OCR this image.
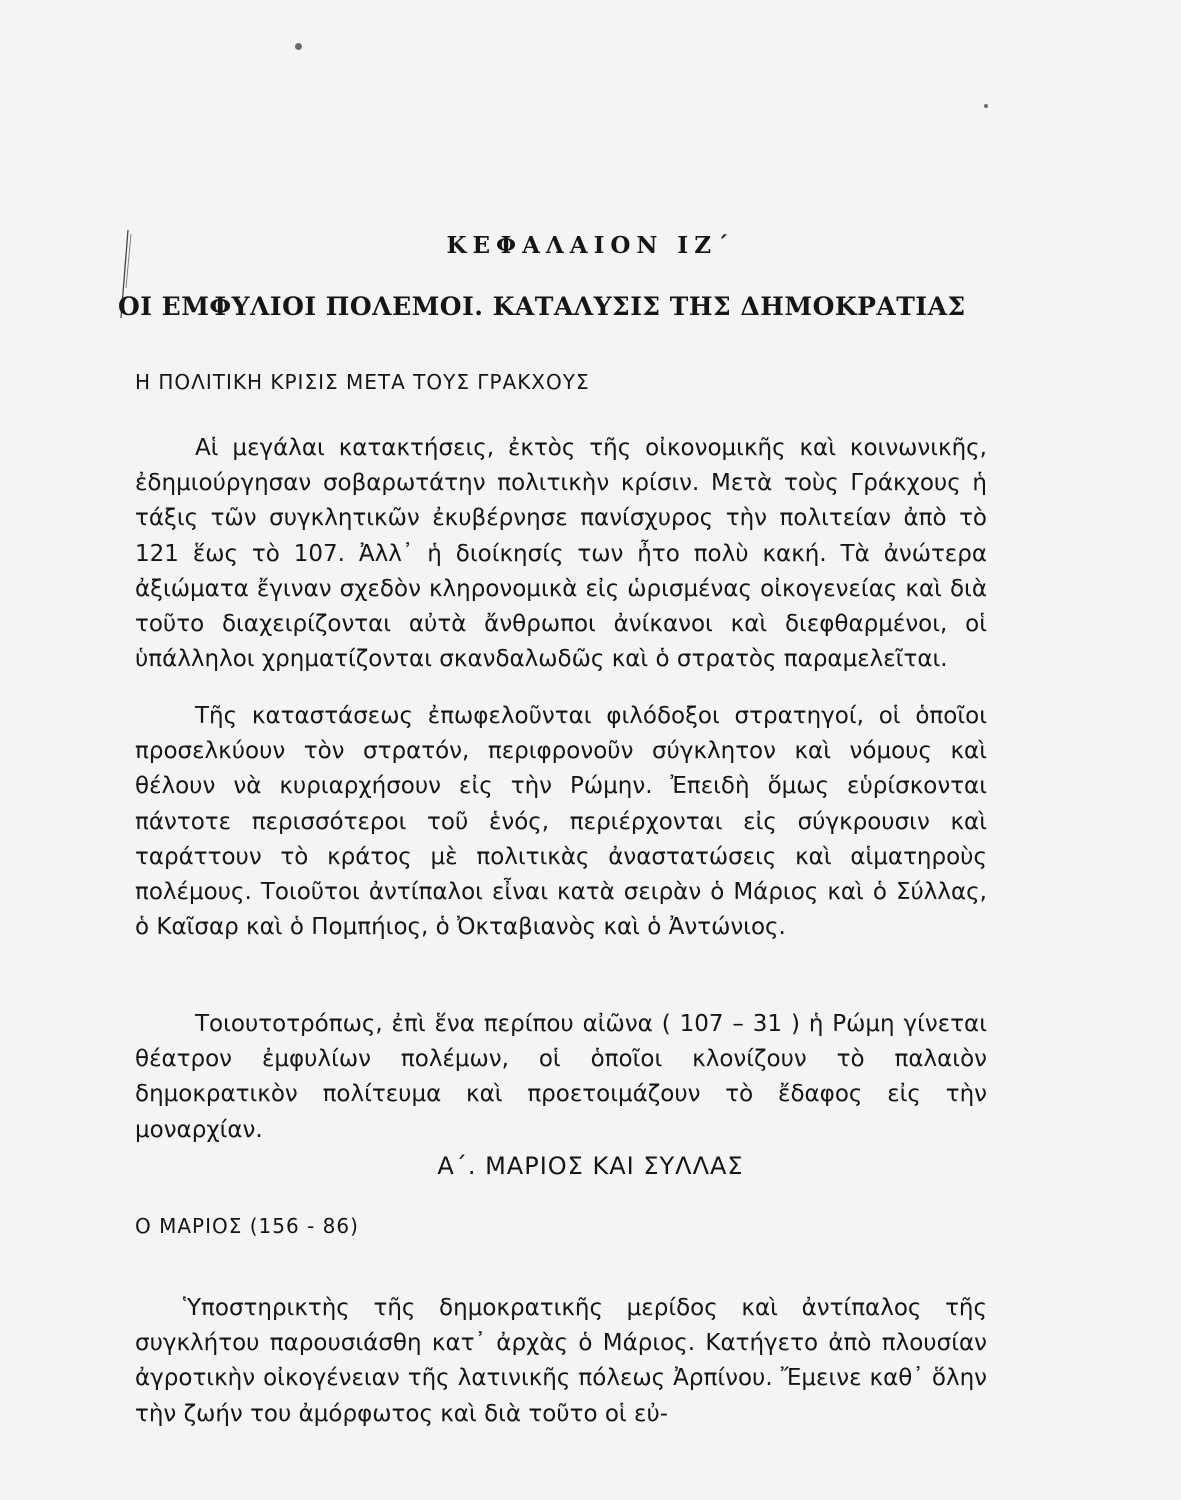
ΚΕΦΑΛΑΙΟΝ ΙΖ΄
ΟΙ ΕΜΦΥΛΙΟΙ ΠΟΛΕΜΟΙ. ΚΑΤΑΛΥΣΙΣ ΤΗΣ ΔΗΜΟΚΡΑΤΙΑΣ
Η ΠΟΛΙΤΙΚΗ ΚΡΙΣΙΣ ΜΕΤΑ ΤΟΥΣ ΓΡΑΚΧΟΥΣ

Αἱ μεγάλαι κατακτήσεις, ἐκτὸς τῆς οἰκονομικῆς καὶ κοινωνικῆς, ἐδημιούργησαν σοβαρωτάτην πολιτικὴν κρίσιν. Μετὰ τοὺς Γράκχους ἡ τάξις τῶν συγκλητικῶν ἐκυβέρνησε πανίσχυρος τὴν πολιτείαν ἀπὸ τὸ 121 ἕως τὸ 107. Ἀλλ᾽ ἡ διοίκησίς των ἦτο πολὺ κακή. Τὰ ἀνώτερα ἀξιώματα ἔγιναν σχεδὸν κληρονομικὰ εἰς ὡρισμένας οἰκογενείας καὶ διὰ τοῦτο διαχειρίζονται αὐτὰ ἄνθρωποι ἀνίκανοι καὶ διεφθαρμένοι, οἱ ὑπάλληλοι χρηματίζονται σκανδαλωδῶς καὶ ὁ στρατὸς παραμελεῖται.

Τῆς καταστάσεως ἐπωφελοῦνται φιλόδοξοι στρατηγοί, οἱ ὁποῖοι προσελκύουν τὸν στρατόν, περιφρονοῦν σύγκλητον καὶ νόμους καὶ θέλουν νὰ κυριαρχήσουν εἰς τὴν Ρώμην. Ἐπειδὴ ὅμως εὑρίσκονται πάντοτε περισσότεροι τοῦ ἑνός, περιέρχονται εἰς σύγκρουσιν καὶ ταράττουν τὸ κράτος μὲ πολιτικὰς ἀναστατώσεις καὶ αἱματηροὺς πολέμους. Τοιοῦτοι ἀντίπαλοι εἶναι κατὰ σειρὰν ὁ Μάριος καὶ ὁ Σύλλας, ὁ Καῖσαρ καὶ ὁ Πομπήιος, ὁ Ὀκταβιανὸς καὶ ὁ Ἀντώνιος.

Τοιουτοτρόπως, ἐπὶ ἕνα περίπου αἰῶνα ( 107 – 31 ) ἡ Ρώμη γίνεται θέατρον ἐμφυλίων πολέμων, οἱ ὁποῖοι κλονίζουν τὸ παλαιὸν δημοκρατικὸν πολίτευμα καὶ προετοιμάζουν τὸ ἔδαφος εἰς τὴν μοναρχίαν.

Α΄. ΜΑΡΙΟΣ ΚΑΙ ΣΥΛΛΑΣ
Ο ΜΑΡΙΟΣ (156 - 86)

Ὑποστηρικτὴς τῆς δημοκρατικῆς μερίδος καὶ ἀντίπαλος τῆς συγκλήτου παρουσιάσθη κατ᾽ ἀρχὰς ὁ Μάριος. Κατήγετο ἀπὸ πλουσίαν ἀγροτικὴν οἰκογένειαν τῆς λατινικῆς πόλεως Ἀρπίνου. Ἔμεινε καθ᾽ ὅλην τὴν ζωήν του ἀμόρφωτος καὶ διὰ τοῦτο οἱ εὐ-
